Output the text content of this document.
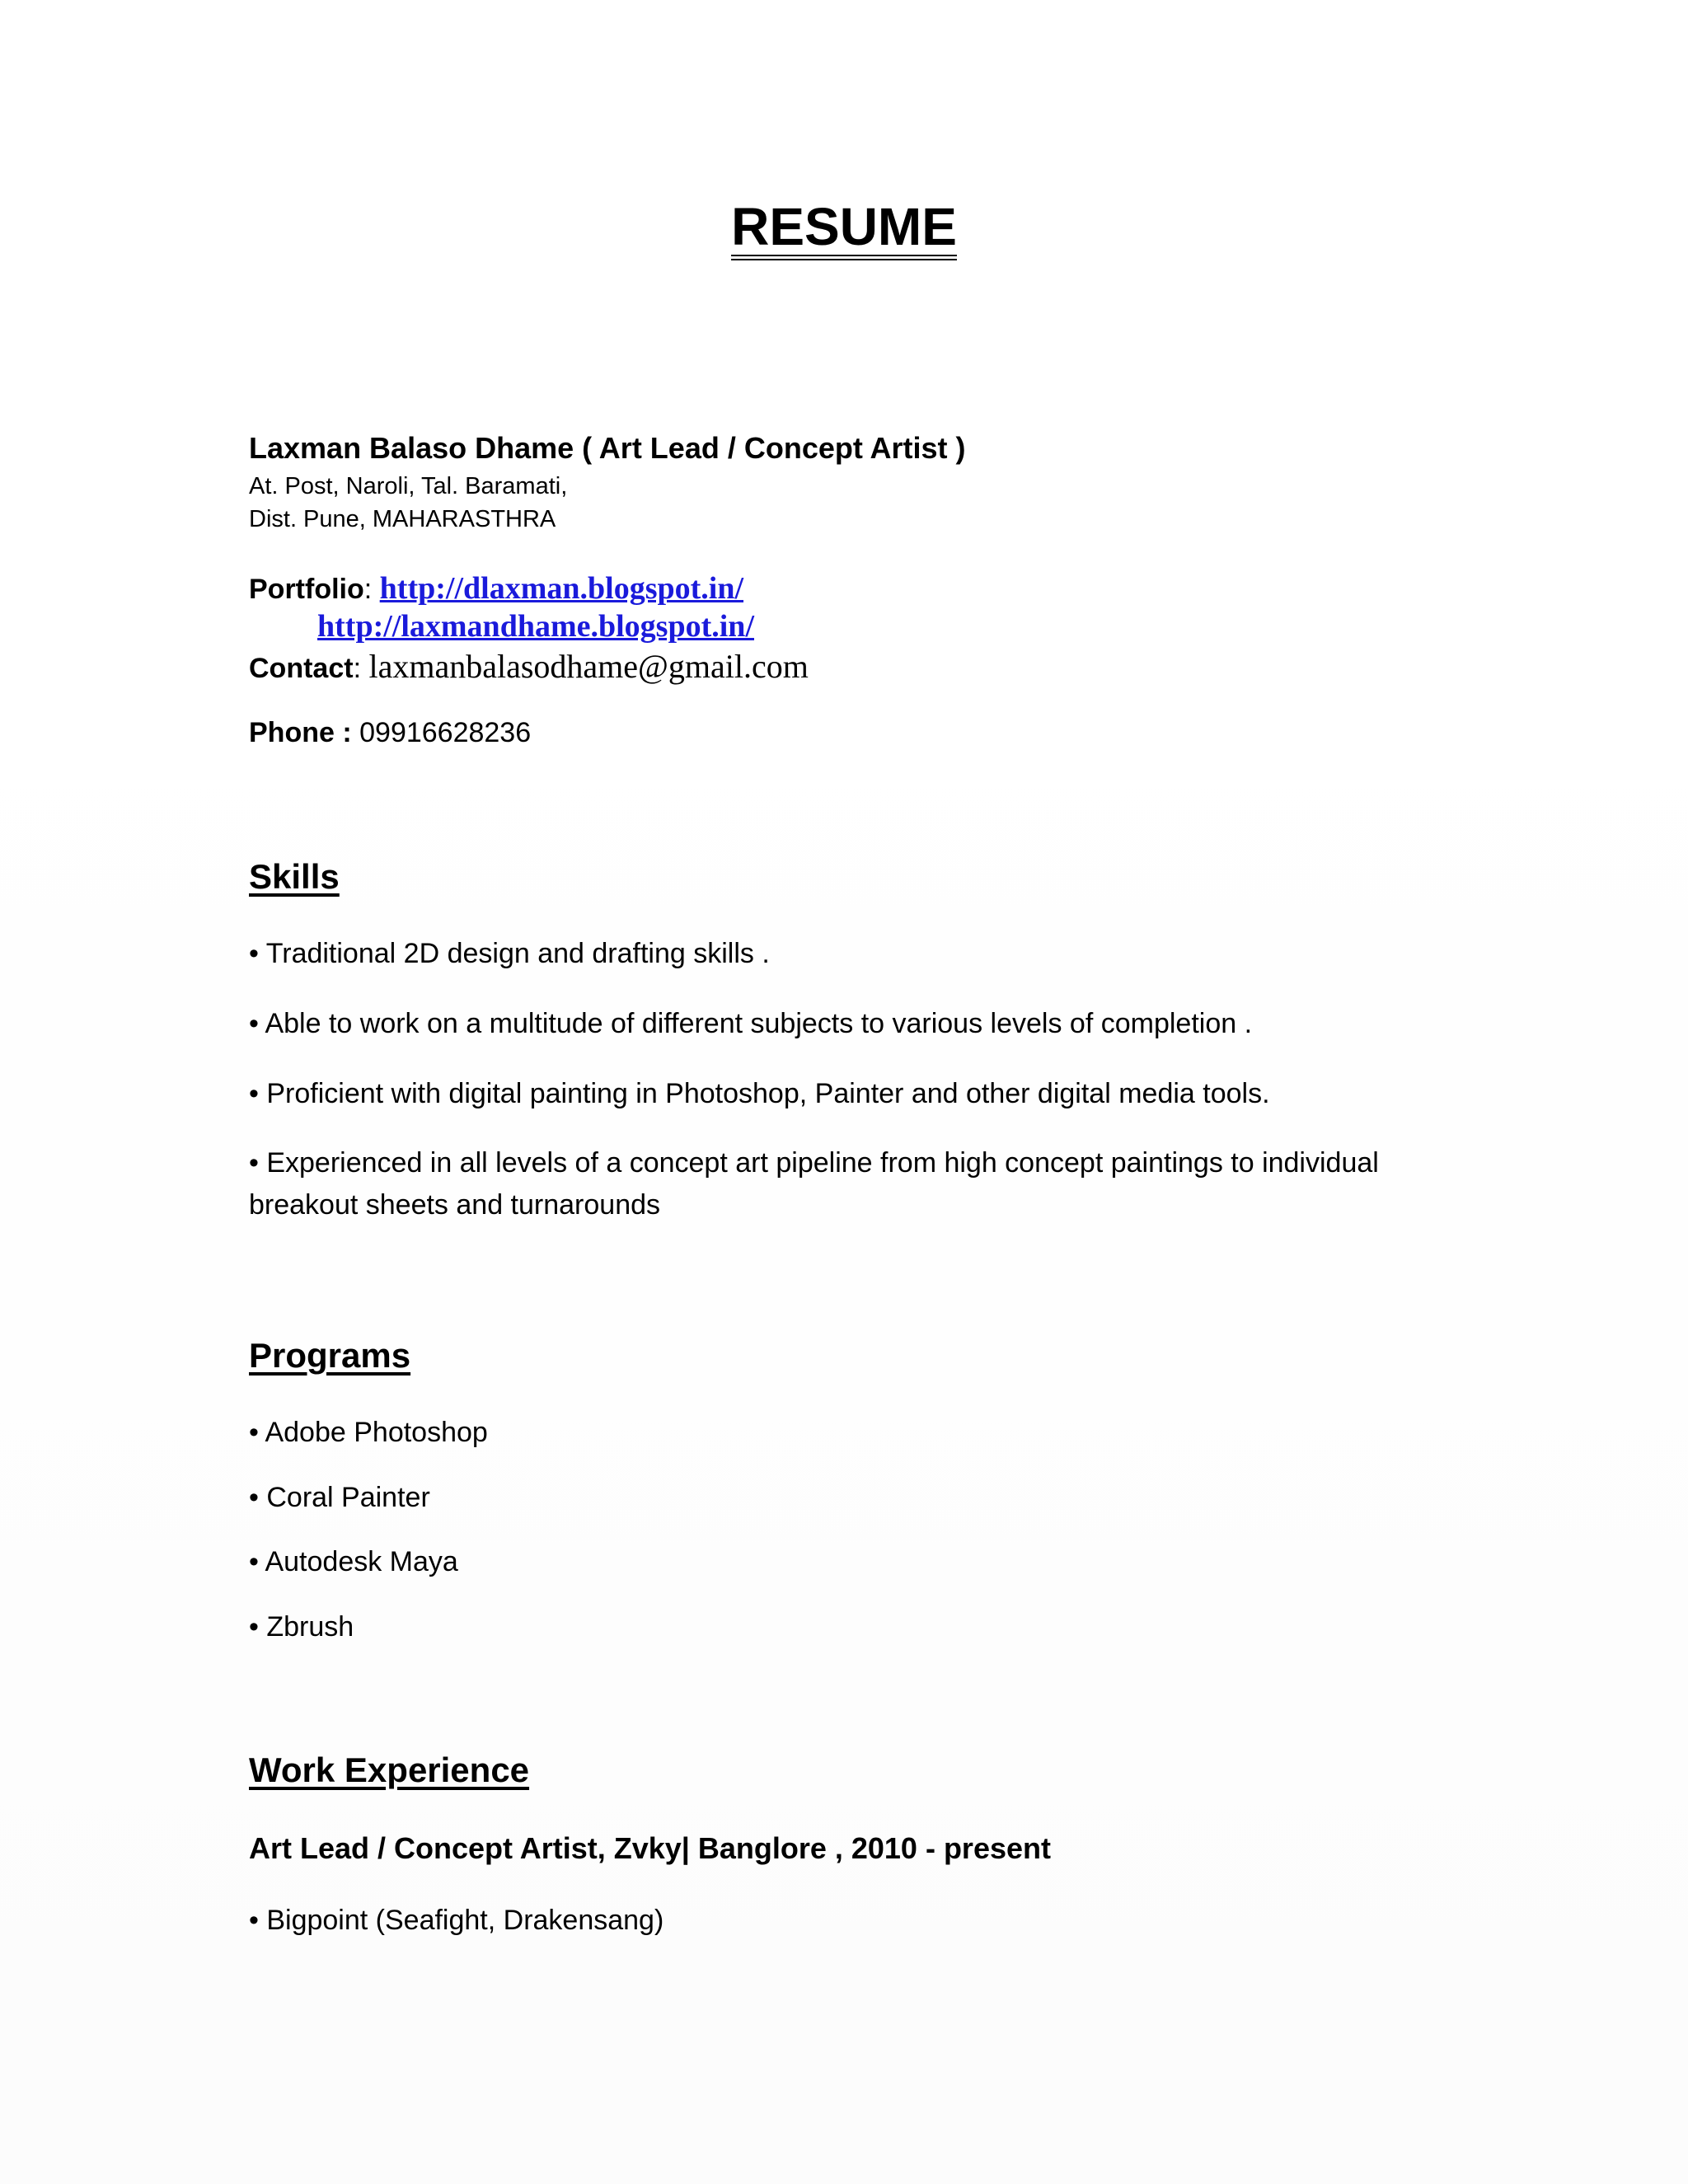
RESUME
Laxman Balaso Dhame ( Art Lead / Concept Artist )
At. Post, Naroli, Tal. Baramati,
Dist. Pune, MAHARASTHRA
Portfolio: http://dlaxman.blogspot.in/
http://laxmandhame.blogspot.in/
Contact: laxmanbalasodhame@gmail.com
Phone : 09916628236
Skills
• Traditional 2D design and drafting skills .
• Able to work on a multitude of different subjects to various levels of completion .
• Proficient with digital painting in Photoshop, Painter and other digital media tools.
• Experienced in all levels of a concept art pipeline from high concept paintings to individual breakout sheets and turnarounds
Programs
• Adobe Photoshop
• Coral Painter
• Autodesk Maya
• Zbrush
Work Experience
Art Lead / Concept Artist, Zvky| Banglore , 2010 - present
• Bigpoint (Seafight, Drakensang)
